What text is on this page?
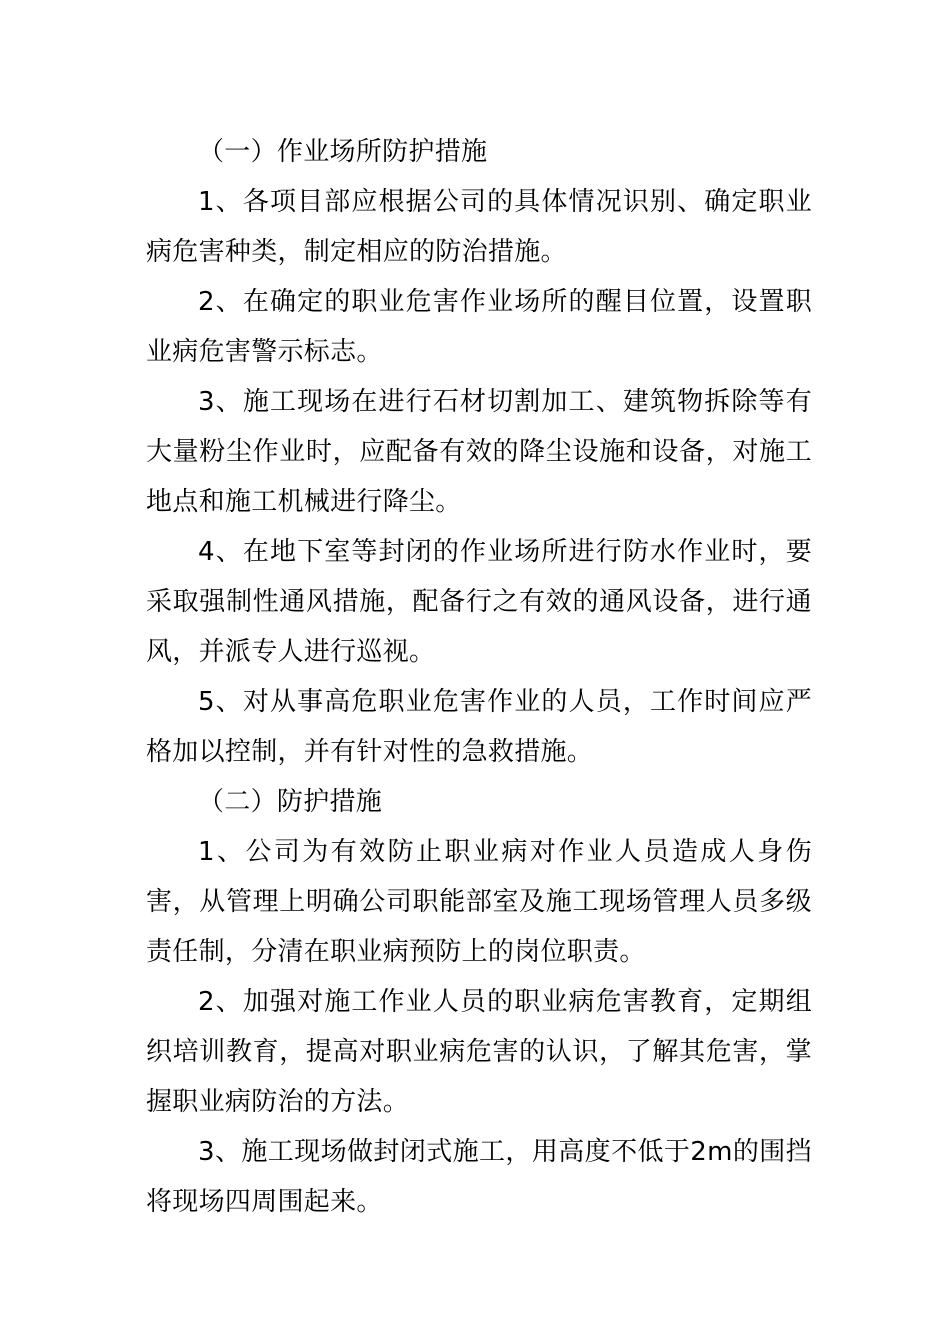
（一）作业场所防护措施

1、各项目部应根据公司的具体情况识别、确定职业病危害种类，制定相应的防治措施。

2、在确定的职业危害作业场所的醒目位置，设置职业病危害警示标志。

3、施工现场在进行石材切割加工、建筑物拆除等有大量粉尘作业时，应配备有效的降尘设施和设备，对施工地点和施工机械进行降尘。

4、在地下室等封闭的作业场所进行防水作业时，要采取强制性通风措施，配备行之有效的通风设备，进行通风，并派专人进行巡视。

5、对从事高危职业危害作业的人员，工作时间应严格加以控制，并有针对性的急救措施。

（二）防护措施

1、公司为有效防止职业病对作业人员造成人身伤害，从管理上明确公司职能部室及施工现场管理人员多级责任制，分清在职业病预防上的岗位职责。

2、加强对施工作业人员的职业病危害教育，定期组织培训教育，提高对职业病危害的认识，了解其危害，掌握职业病防治的方法。

3、施工现场做封闭式施工，用高度不低于2m的围挡将现场四周围起来。
